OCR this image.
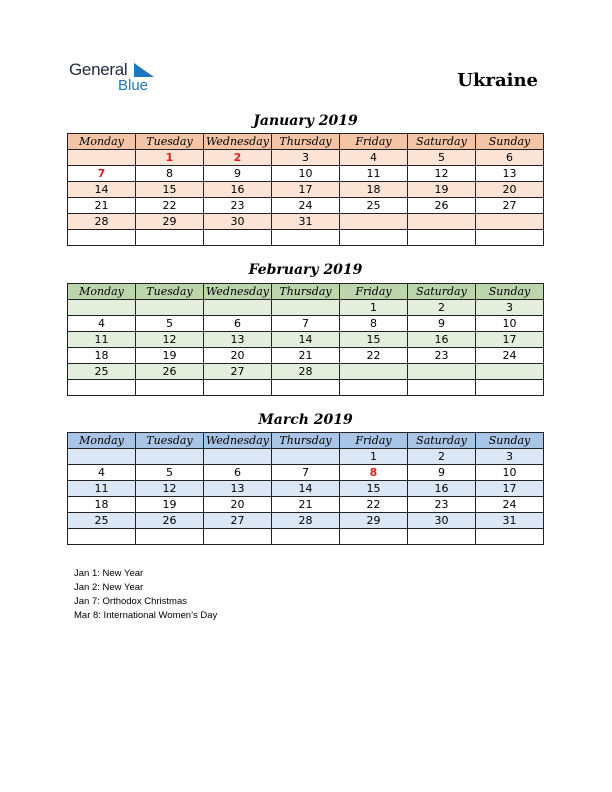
General
Blue	Ukraine
January 2019
Monday	Tuesday	Wednesday	Thursday	Friday	Saturday	Sunday
	1	2	3	4	5	6
7	8	9	10	11	12	13
14	15	16	17	18	19	20
21	22	23	24	25	26	27
28	29	30	31			

February 2019
Monday	Tuesday	Wednesday	Thursday	Friday	Saturday	Sunday
				1	2	3
4	5	6	7	8	9	10
11	12	13	14	15	16	17
18	19	20	21	22	23	24
25	26	27	28			

March 2019
Monday	Tuesday	Wednesday	Thursday	Friday	Saturday	Sunday
				1	2	3
4	5	6	7	8	9	10
11	12	13	14	15	16	17
18	19	20	21	22	23	24
25	26	27	28	29	30	31

Jan 1: New Year
Jan 2: New Year
Jan 7: Orthodox Christmas
Mar 8: International Women’s Day
